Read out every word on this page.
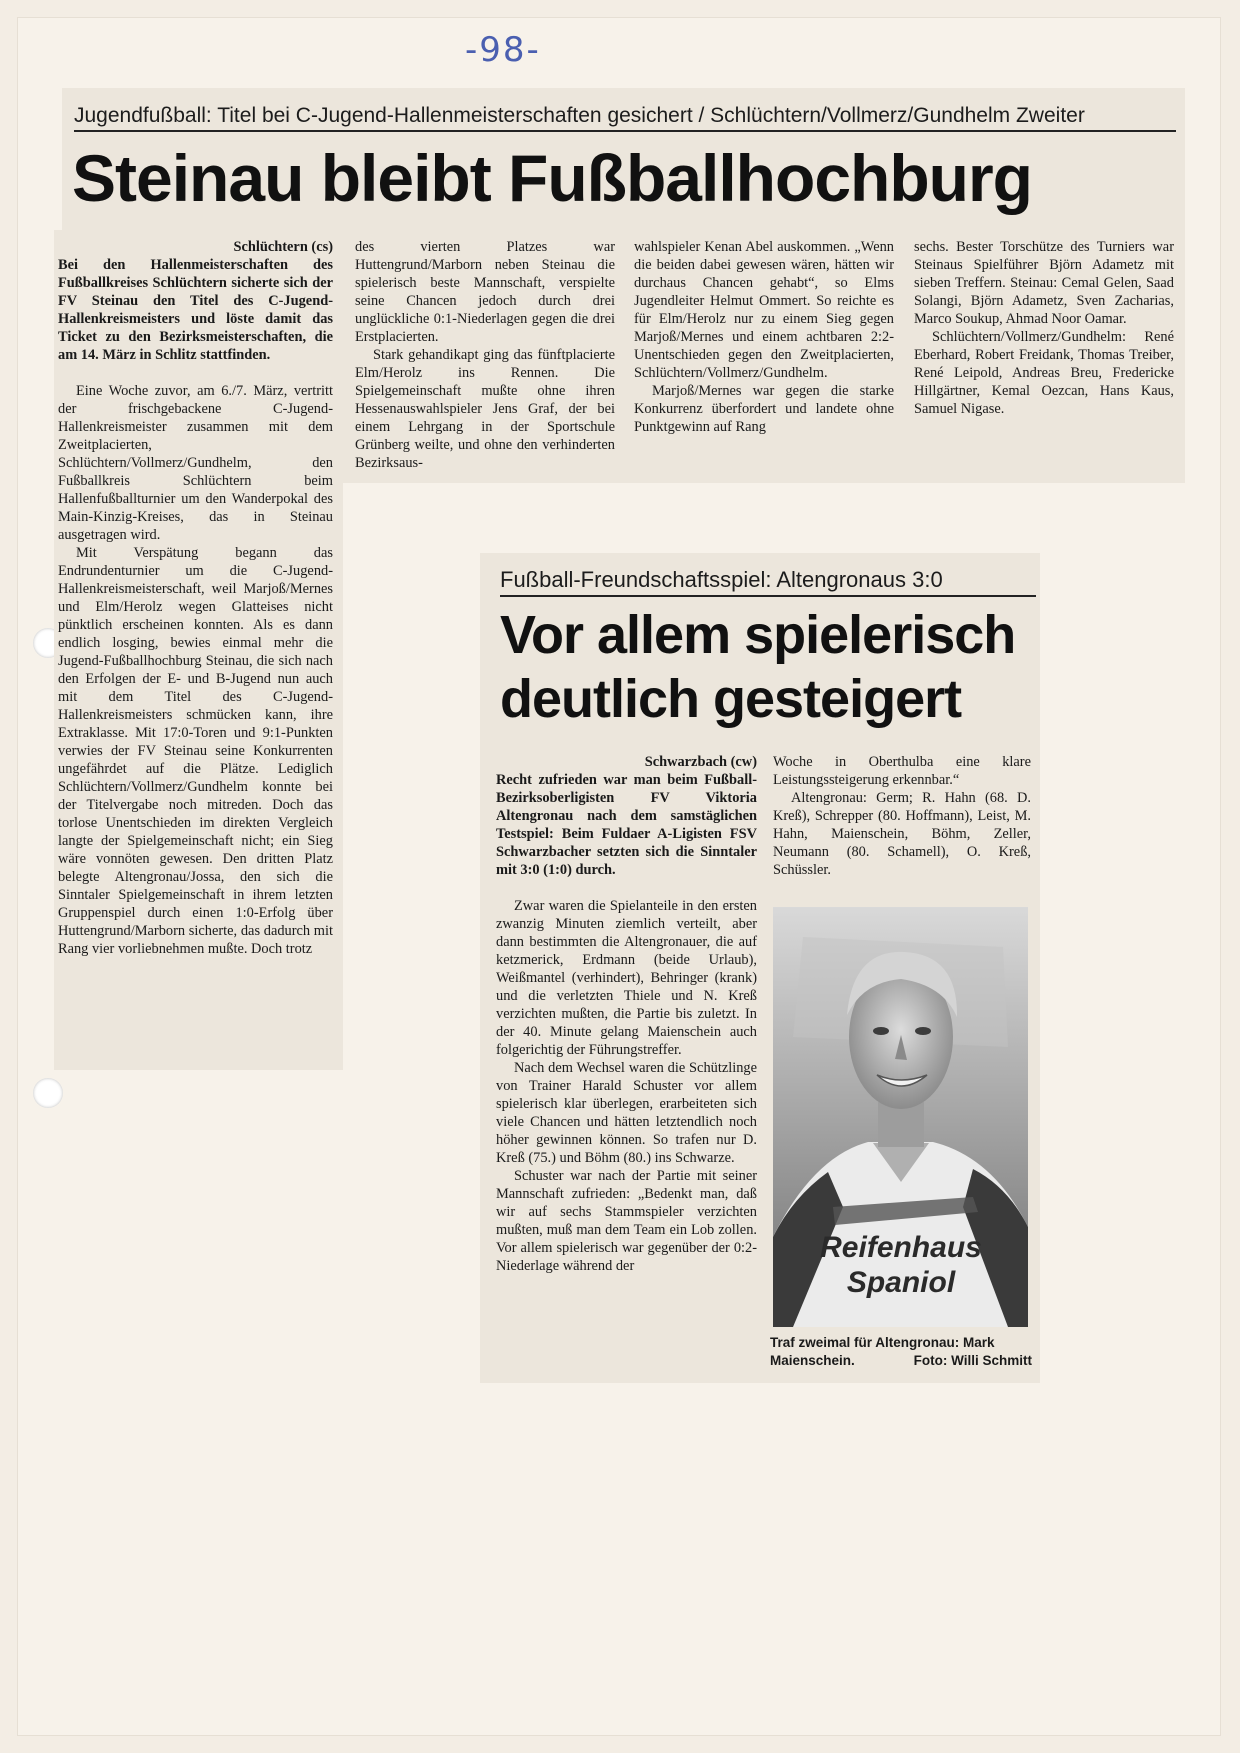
-98-
Jugendfußball: Titel bei C-Jugend-Hallenmeisterschaften gesichert / Schlüchtern/Vollmerz/Gundhelm Zweiter
Steinau bleibt Fußballhochburg

Schlüchtern (cs)

Bei den Hallenmeisterschaften des Fußballkreises Schlüchtern sicherte sich der FV Steinau den Titel des C-Jugend-Hallenkreismeisters und löste damit das Ticket zu den Bezirksmeisterschaften, die am 14. März in Schlitz stattfinden.

Eine Woche zuvor, am 6./7. März, vertritt der frischgebackene C-Jugend-Hallenkreismeister zusammen mit dem Zweitplacierten, Schlüchtern/Vollmerz/Gundhelm, den Fußballkreis Schlüchtern beim Hallenfußballturnier um den Wanderpokal des Main-Kinzig-Kreises, das in Steinau ausgetragen wird.

Mit Verspätung begann das Endrundenturnier um die C-Jugend-Hallenkreismeisterschaft, weil Marjoß/Mernes und Elm/Herolz wegen Glatteises nicht pünktlich erscheinen konnten. Als es dann endlich losging, bewies einmal mehr die Jugend-Fußballhochburg Steinau, die sich nach den Erfolgen der E- und B-Jugend nun auch mit dem Titel des C-Jugend-Hallenkreismeisters schmücken kann, ihre Extraklasse. Mit 17:0-Toren und 9:1-Punkten verwies der FV Steinau seine Konkurrenten ungefährdet auf die Plätze. Lediglich Schlüchtern/Vollmerz/Gundhelm konnte bei der Titelvergabe noch mitreden. Doch das torlose Unentschieden im direkten Vergleich langte der Spielgemeinschaft nicht; ein Sieg wäre vonnöten gewesen. Den dritten Platz belegte Altengronau/Jossa, den sich die Sinntaler Spielgemeinschaft in ihrem letzten Gruppenspiel durch einen 1:0-Erfolg über Huttengrund/Marborn sicherte, das dadurch mit Rang vier vorliebnehmen mußte. Doch trotz

des vierten Platzes war Huttengrund/Marborn neben Steinau die spielerisch beste Mannschaft, verspielte seine Chancen jedoch durch drei unglückliche 0:1-Niederlagen gegen die drei Erstplacierten.

Stark gehandikapt ging das fünftplacierte Elm/Herolz ins Rennen. Die Spielgemeinschaft mußte ohne ihren Hessenauswahlspieler Jens Graf, der bei einem Lehrgang in der Sportschule Grünberg weilte, und ohne den verhinderten Bezirksaus-

wahlspieler Kenan Abel auskommen. „Wenn die beiden dabei gewesen wären, hätten wir durchaus Chancen gehabt“, so Elms Jugendleiter Helmut Ommert. So reichte es für Elm/Herolz nur zu einem Sieg gegen Marjoß/Mernes und einem achtbaren 2:2-Unentschieden gegen den Zweitplacierten, Schlüchtern/Vollmerz/Gundhelm.

Marjoß/Mernes war gegen die starke Konkurrenz überfordert und landete ohne Punktgewinn auf Rang

sechs. Bester Torschütze des Turniers war Steinaus Spielführer Björn Adametz mit sieben Treffern. Steinau: Cemal Gelen, Saad Solangi, Björn Adametz, Sven Zacharias, Marco Soukup, Ahmad Noor Oamar.

Schlüchtern/Vollmerz/Gundhelm: René Eberhard, Robert Freidank, Thomas Treiber, René Leipold, Andreas Breu, Fredericke Hillgärtner, Kemal Oezcan, Hans Kaus, Samuel Nigase.

Fußball-Freundschaftsspiel: Altengronaus 3:0
Vor allem spielerisch
deutlich gesteigert

Schwarzbach (cw)

Recht zufrieden war man beim Fußball-Bezirksoberligisten FV Viktoria Altengronau nach dem samstäglichen Testspiel: Beim Fuldaer A-Ligisten FSV Schwarzbacher setzten sich die Sinntaler mit 3:0 (1:0) durch.

Zwar waren die Spielanteile in den ersten zwanzig Minuten ziemlich verteilt, aber dann bestimmten die Altengronauer, die auf ketzmerick, Erdmann (beide Urlaub), Weißmantel (verhindert), Behringer (krank) und die verletzten Thiele und N. Kreß verzichten mußten, die Partie bis zuletzt. In der 40. Minute gelang Maienschein auch folgerichtig der Führungstreffer.

Nach dem Wechsel waren die Schützlinge von Trainer Harald Schuster vor allem spielerisch klar überlegen, erarbeiteten sich viele Chancen und hätten letztendlich noch höher gewinnen können. So trafen nur D. Kreß (75.) und Böhm (80.) ins Schwarze.

Schuster war nach der Partie mit seiner Mannschaft zufrieden: „Bedenkt man, daß wir auf sechs Stammspieler verzichten mußten, muß man dem Team ein Lob zollen. Vor allem spielerisch war gegenüber der 0:2-Niederlage während der

Woche in Oberthulba eine klare Leistungssteigerung erkennbar.“

Altengronau: Germ; R. Hahn (68. D. Kreß), Schrepper (80. Hoffmann), Leist, M. Hahn, Maienschein, Böhm, Zeller, Neumann (80. Schamell), O. Kreß, Schüssler.

Reifenhaus
Spaniol
Traf zweimal für Altengronau: Mark Maienschein.	Foto: Willi Schmitt
